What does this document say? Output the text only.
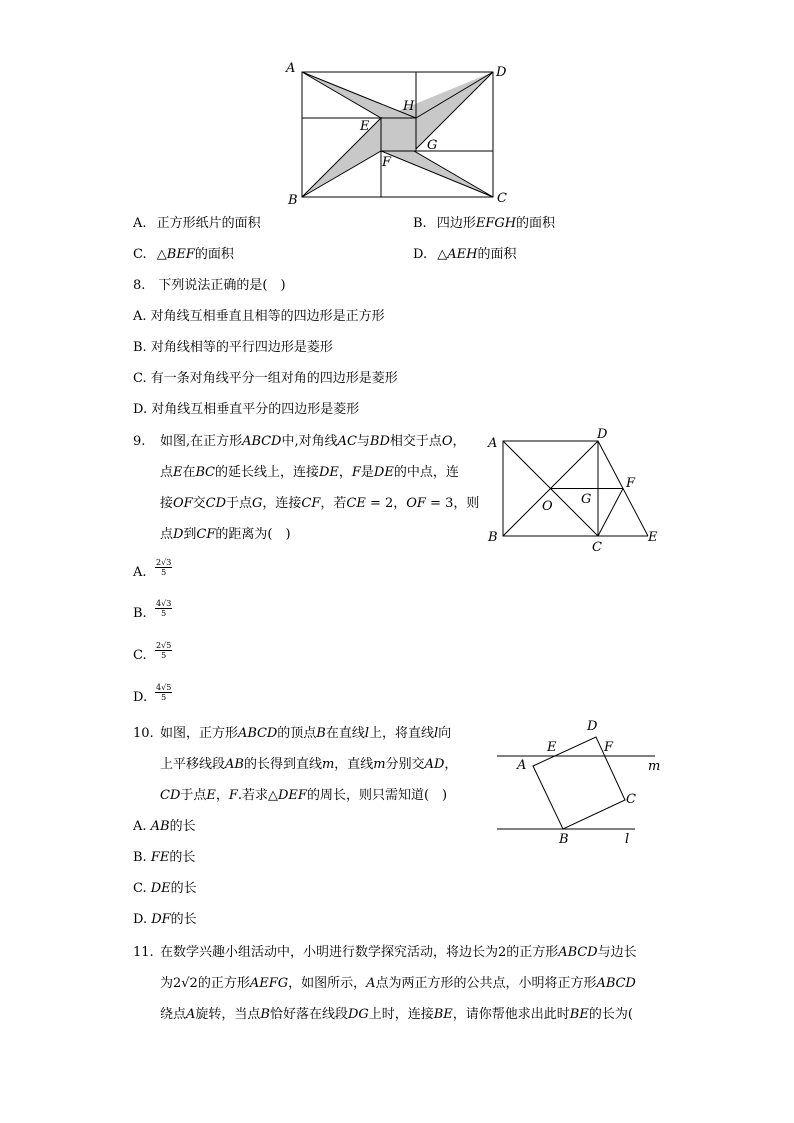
A	D
H
E
G
F
B	C
A. 正方形纸片的面积	B. 四边形𝐸𝐹𝐺𝐻的面积
C. △𝐵𝐸𝐹的面积	D. △𝐴𝐸𝐻的面积
8.　下列说法正确的是(　)
A. 对角线互相垂直且相等的四边形是正方形
B. 对角线相等的平行四边形是菱形
C. 有一条对角线平分一组对角的四边形是菱形
D. 对角线互相垂直平分的四边形是菱形
9. 如图,在正方形𝐴𝐵𝐶𝐷中,对角线𝐴𝐶与𝐵𝐷相交于点𝑂，
点𝐸在𝐵𝐶的延长线上，连接𝐷𝐸，𝐹是𝐷𝐸的中点，连
接𝑂𝐹交𝐶𝐷于点𝐺，连接𝐶𝐹，若𝐶𝐸 = 2，𝑂𝐹 = 3，则
点𝐷到𝐶𝐹的距离为(　)
A
D
F
G
O
B
C
E
A. $\frac{2√3}{5}$
B. $\frac{4√3}{5}$
C. $\frac{2√5}{5}$
D. $\frac{4√5}{5}$
10. 如图，正方形𝐴𝐵𝐶𝐷的顶点𝐵在直线𝑙上，将直线𝑙向
上平移线段𝐴𝐵的长得到直线𝑚，直线𝑚分别交𝐴𝐷，
𝐶𝐷于点𝐸，𝐹.若求△𝐷𝐸𝐹的周长，则只需知道(　)
D
E	F
A	m
C
B	l
A. 𝐴𝐵的长
B. 𝐹𝐸的长
C. 𝐷𝐸的长
D. 𝐷𝐹的长
11. 在数学兴趣小组活动中，小明进行数学探究活动，将边长为2的正方形𝐴𝐵𝐶𝐷与边长
为2√2的正方形𝐴𝐸𝐹𝐺，如图所示，𝐴点为两正方形的公共点，小明将正方形𝐴𝐵𝐶𝐷
绕点𝐴旋转，当点𝐵恰好落在线段𝐷𝐺上时，连接𝐵𝐸，请你帮他求出此时𝐵𝐸的长为(
